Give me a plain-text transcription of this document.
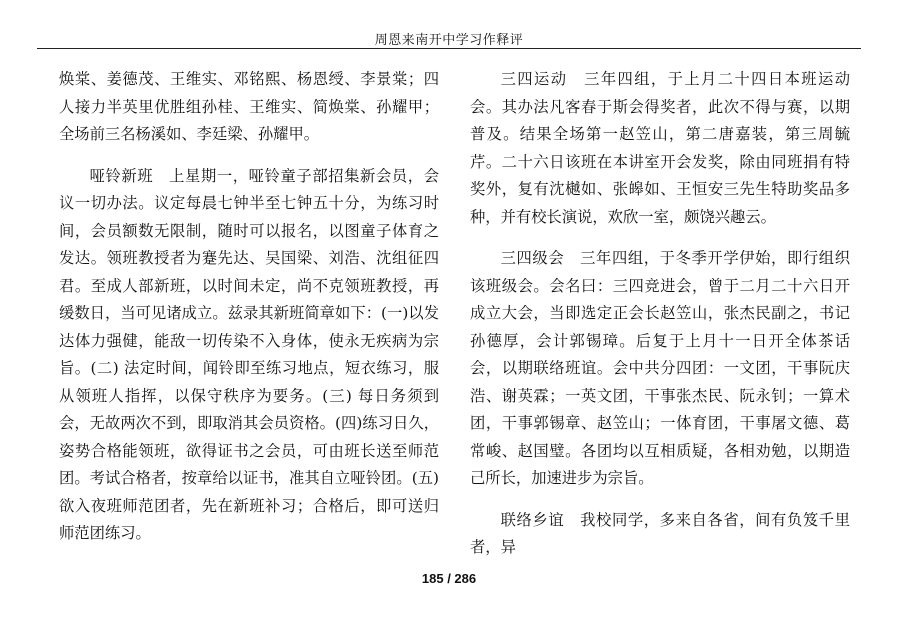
周恩来南开中学习作释评

焕棠、姜德茂、王维实、邓铭熙、杨恩绶、李景棠；四人接力半英里优胜组孙桂、王维实、简焕棠、孙耀甲；全场前三名杨溪如、李廷梁、孙耀甲。

哑铃新班　上星期一，哑铃童子部招集新会员，会议一切办法。议定每晨七钟半至七钟五十分，为练习时间，会员额数无限制，随时可以报名，以图童子体育之发达。领班教授者为蹇先达、吴国梁、刘浩、沈组征四君。至成人部新班，以时间未定，尚不克领班教授，再缓数日，当可见诸成立。兹录其新班简章如下：(一)以发达体力强健，能敌一切传染不入身体，使永无疾病为宗旨。(二) 法定时间，闻铃即至练习地点，短衣练习，服从领班人指挥，以保守秩序为要务。(三) 每日务须到会，无故两次不到，即取消其会员资格。(四)练习日久，姿势合格能领班，欲得证书之会员，可由班长送至师范团。考试合格者，按章给以证书，准其自立哑铃团。(五) 欲入夜班师范团者，先在新班补习；合格后，即可送归师范团练习。

三四运动　三年四组，于上月二十四日本班运动会。其办法凡客春于斯会得奖者，此次不得与赛，以期普及。结果全场第一赵笠山，第二唐嘉装，第三周毓芹。二十六日该班在本讲室开会发奖，除由同班捐有特奖外，复有沈樾如、张皞如、王恒安三先生特助奖品多种，并有校长演说，欢欣一室，颇饶兴趣云。

三四级会　三年四组，于冬季开学伊始，即行组织该班级会。会名曰：三四竞进会，曾于二月二十六日开成立大会，当即选定正会长赵笠山，张杰民副之，书记孙德厚，会计郭锡璋。后复于上月十一日开全体茶话会，以期联络班谊。会中共分四团：一文团，干事阮庆浩、谢英霖；一英文团，干事张杰民、阮永钊；一算术团，干事郭锡章、赵笠山；一体育团，干事屠文德、葛常峻、赵国璧。各团均以互相质疑，各相劝勉，以期造己所长，加速进步为宗旨。

联络乡谊　我校同学，多来自各省，间有负笈千里者，异

185 / 286
